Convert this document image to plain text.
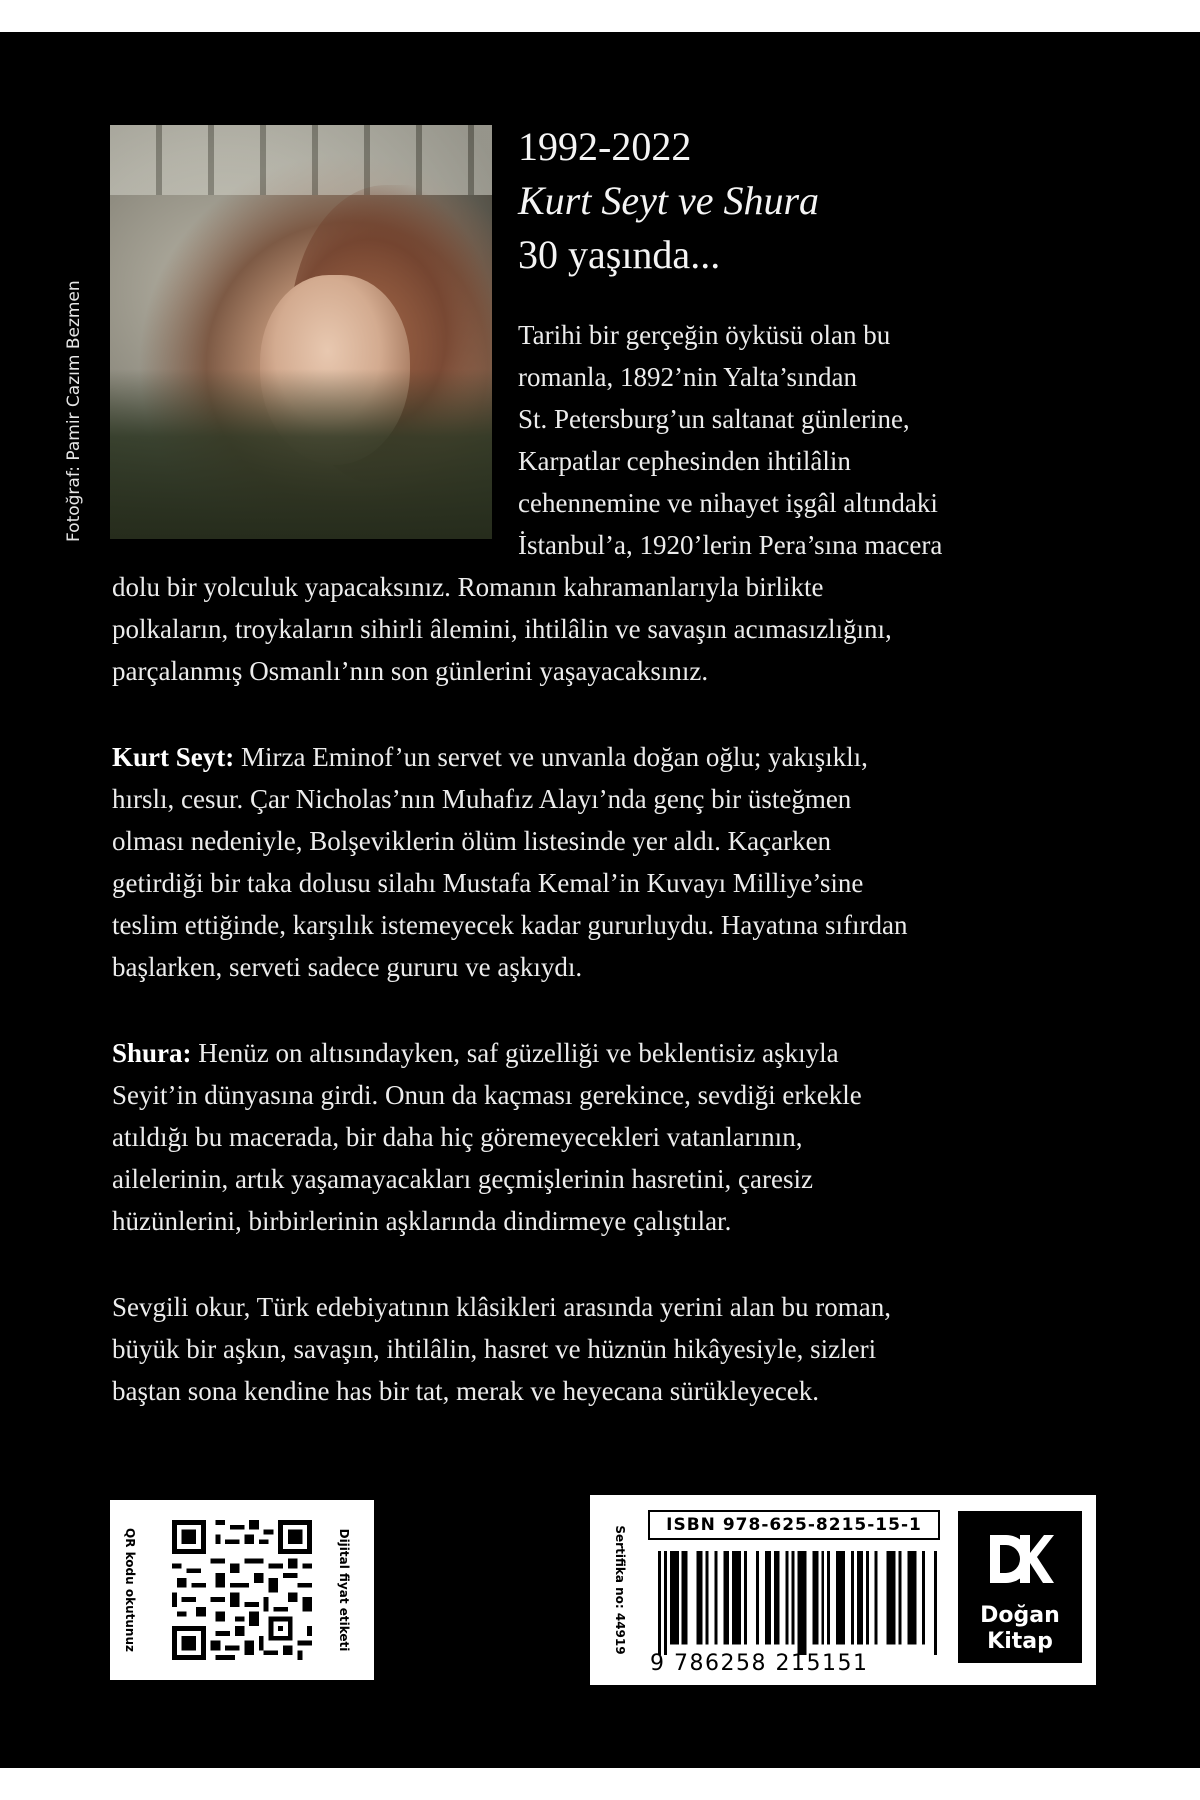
Fotoğraf: Pamir Cazım Bezmen
1992-2022
Kurt Seyt ve Shura
30 yaşında...
Tarihi bir gerçeğin öyküsü olan bu
romanla, 1892’nin Yalta’sından
St. Petersburg’un saltanat günlerine,
Karpatlar cephesinden ihtilâlin
cehennemine ve nihayet işgâl altındaki
İstanbul’a, 1920’lerin Pera’sına macera
dolu bir yolculuk yapacaksınız. Romanın kahramanlarıyla birlikte
polkaların, troykaların sihirli âlemini, ihtilâlin ve savaşın acımasızlığını,
parçalanmış Osmanlı’nın son günlerini yaşayacaksınız.
Kurt Seyt: Mirza Eminof’un servet ve unvanla doğan oğlu; yakışıklı,
hırslı, cesur. Çar Nicholas’nın Muhafız Alayı’nda genç bir üsteğmen
olması nedeniyle, Bolşeviklerin ölüm listesinde yer aldı. Kaçarken
getirdiği bir taka dolusu silahı Mustafa Kemal’in Kuvayı Milliye’sine
teslim ettiğinde, karşılık istemeyecek kadar gururluydu. Hayatına sıfırdan
başlarken, serveti sadece gururu ve aşkıydı.
Shura: Henüz on altısındayken, saf güzelliği ve beklentisiz aşkıyla
Seyit’in dünyasına girdi. Onun da kaçması gerekince, sevdiği erkekle
atıldığı bu macerada, bir daha hiç göremeyecekleri vatanlarının,
ailelerinin, artık yaşamayacakları geçmişlerinin hasretini, çaresiz
hüzünlerini, birbirlerinin aşklarında dindirmeye çalıştılar.
Sevgili okur, Türk edebiyatının klâsikleri arasında yerini alan bu roman,
büyük bir aşkın, savaşın, ihtilâlin, hasret ve hüznün hikâyesiyle, sizleri
baştan sona kendine has bir tat, merak ve heyecana sürükleyecek.
QR kodu okutunuz	Dijital fiyat etiketi	Sertifika no: 44919
ISBN 978-625-8215-15-1
9 786258 215151
Doğan
Kitap
